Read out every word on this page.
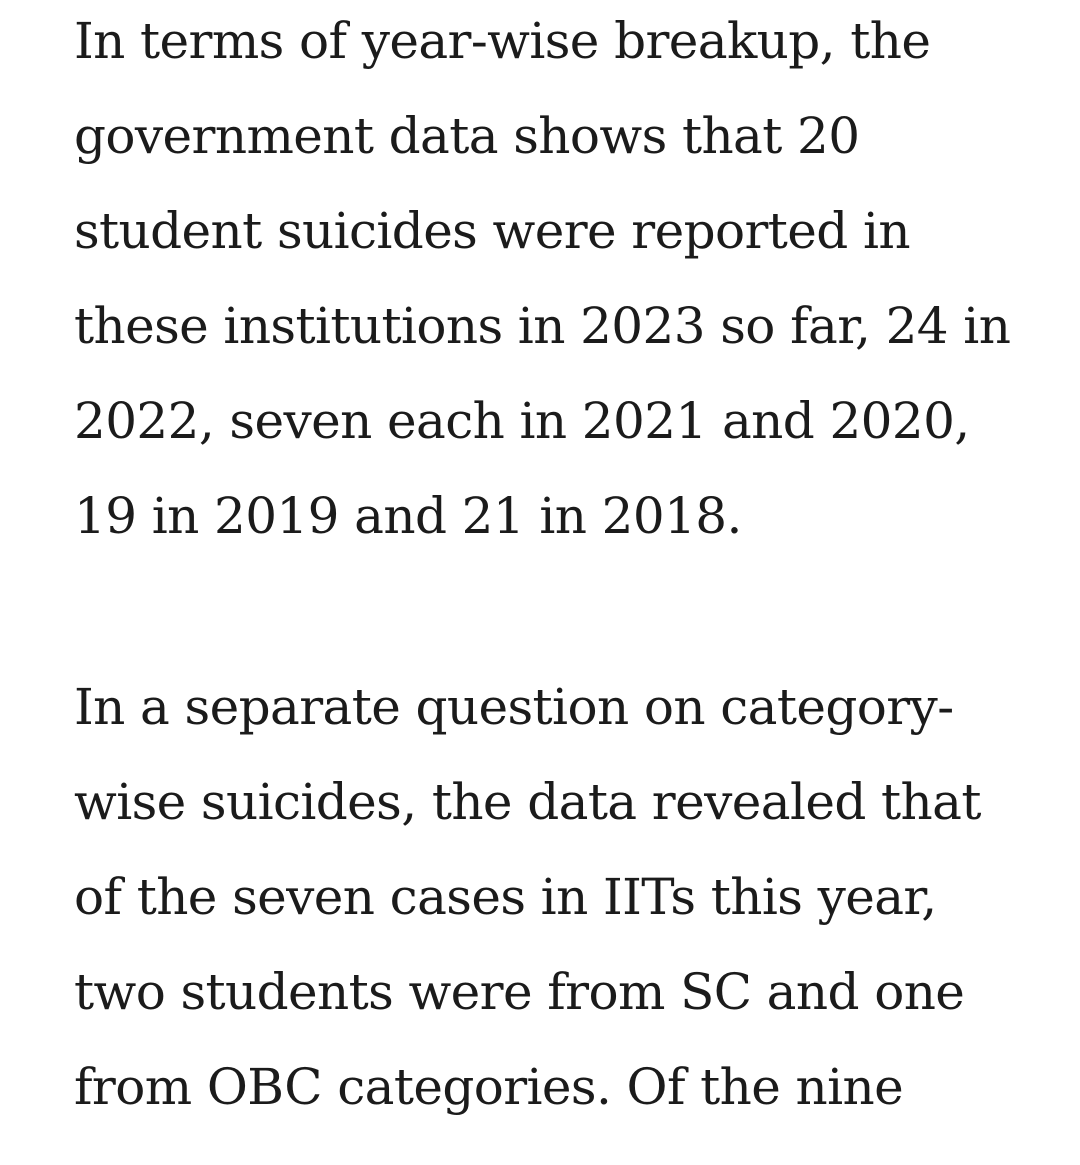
In terms of year-wise breakup, the
government data shows that 20
student suicides were reported in
these institutions in 2023 so far, 24 in
2022, seven each in 2021 and 2020,
19 in 2019 and 21 in 2018.
In a separate question on category-
wise suicides, the data revealed that
of the seven cases in IITs this year,
two students were from SC and one
from OBC categories. Of the nine
